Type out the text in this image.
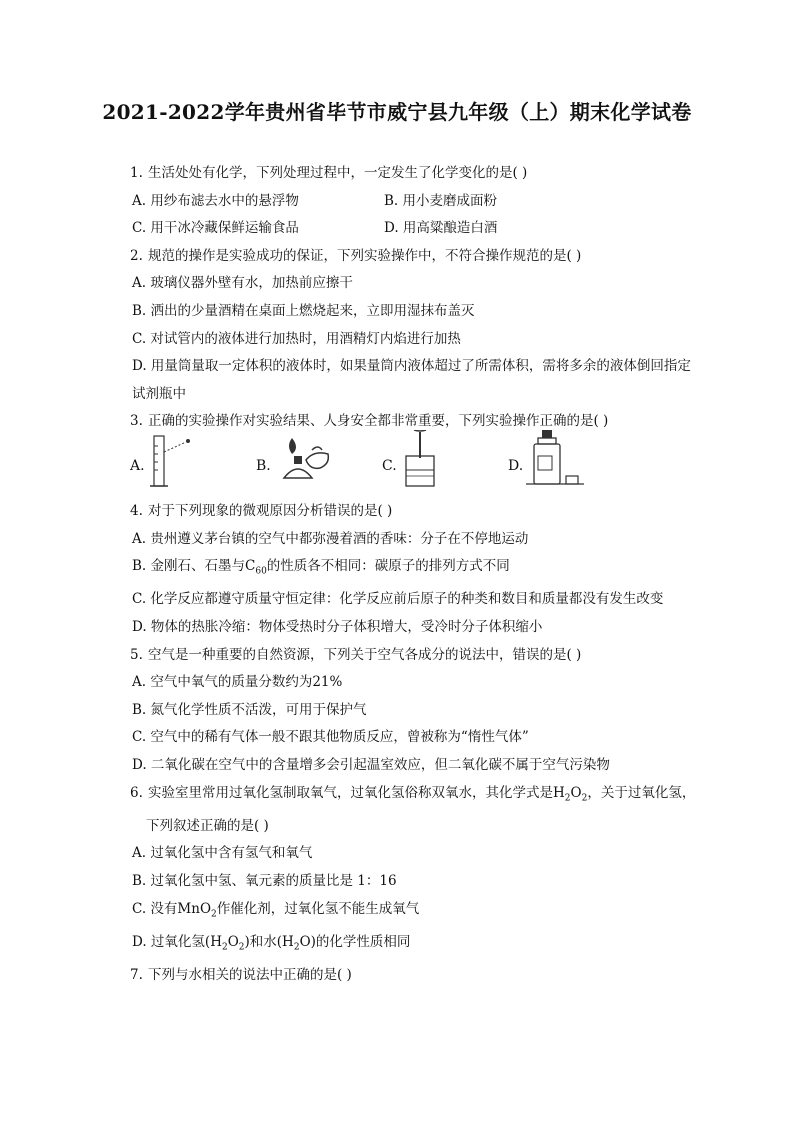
2021-2022学年贵州省毕节市威宁县九年级（上）期末化学试卷
1. 生活处处有化学，下列处理过程中，一定发生了化学变化的是( )
A. 用纱布滤去水中的悬浮物	B. 用小麦磨成面粉
C. 用干冰冷藏保鲜运输食品	D. 用高粱酿造白酒
2. 规范的操作是实验成功的保证，下列实验操作中，不符合操作规范的是( )
A. 玻璃仪器外壁有水，加热前应擦干
B. 洒出的少量酒精在桌面上燃烧起来，立即用湿抹布盖灭
C. 对试管内的液体进行加热时，用酒精灯内焰进行加热
D. 用量筒量取一定体积的液体时，如果量筒内液体超过了所需体积，需将多余的液体倒回指定试剂瓶中
3. 正确的实验操作对实验结果、人身安全都非常重要，下列实验操作正确的是( )
A.	B.	C.	D.
4. 对于下列现象的微观原因分析错误的是( )
A. 贵州遵义茅台镇的空气中都弥漫着酒的香味：分子在不停地运动
B. 金刚石、石墨与$C_{60}$的性质各不相同：碳原子的排列方式不同
C. 化学反应都遵守质量守恒定律：化学反应前后原子的种类和数目和质量都没有发生改变
D. 物体的热胀冷缩：物体受热时分子体积增大，受冷时分子体积缩小
5. 空气是一种重要的自然资源，下列关于空气各成分的说法中，错误的是( )
A. 空气中氧气的质量分数约为21%
B. 氮气化学性质不活泼，可用于保护气
C. 空气中的稀有气体一般不跟其他物质反应，曾被称为“惰性气体”
D. 二氧化碳在空气中的含量增多会引起温室效应，但二氧化碳不属于空气污染物
6. 实验室里常用过氧化氢制取氧气，过氧化氢俗称双氧水，其化学式是$H_2O_2$，关于过氧化氢，下列叙述正确的是( )
A. 过氧化氢中含有氢气和氧气
B. 过氧化氢中氢、氧元素的质量比是 1：16
C. 没有MnO$_2$作催化剂，过氧化氢不能生成氧气
D. 过氧化氢$(H_2O_2)$和水$(H_2O)$的化学性质相同
7. 下列与水相关的说法中正确的是( )
